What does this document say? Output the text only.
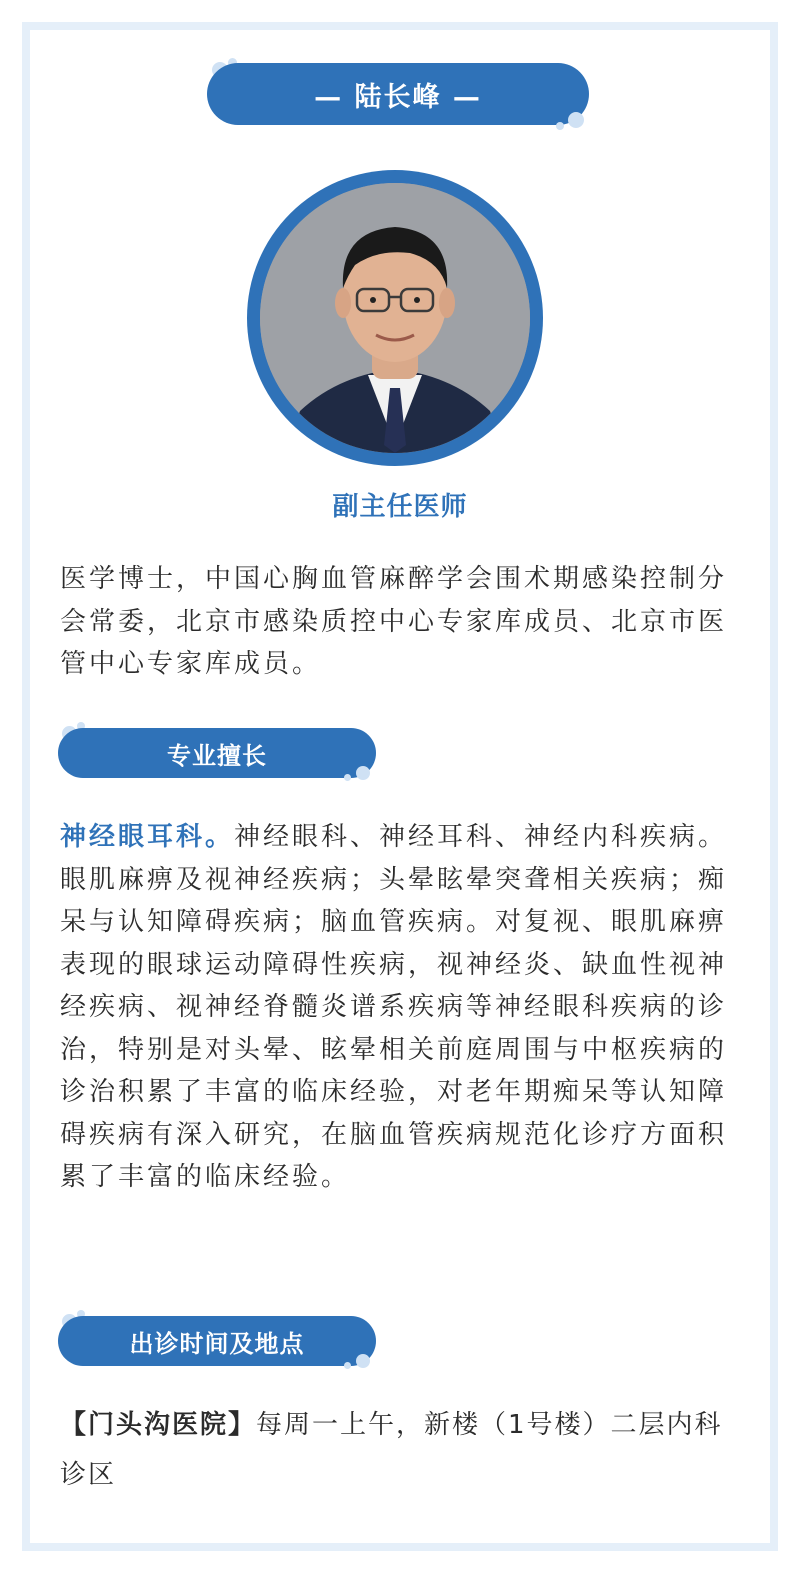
— 陆长峰 —
副主任医师

医学博士，中国心胸血管麻醉学会围术期感染控制分会常委，北京市感染质控中心专家库成员、北京市医管中心专家库成员。

专业擅长

神经眼耳科。神经眼科、神经耳科、神经内科疾病。眼肌麻痹及视神经疾病；头晕眩晕突聋相关疾病；痴呆与认知障碍疾病；脑血管疾病。对复视、眼肌麻痹表现的眼球运动障碍性疾病，视神经炎、缺血性视神经疾病、视神经脊髓炎谱系疾病等神经眼科疾病的诊治，特别是对头晕、眩晕相关前庭周围与中枢疾病的诊治积累了丰富的临床经验，对老年期痴呆等认知障碍疾病有深入研究，在脑血管疾病规范化诊疗方面积累了丰富的临床经验。

出诊时间及地点

【门头沟医院】每周一上午，新楼（1号楼）二层内科诊区
